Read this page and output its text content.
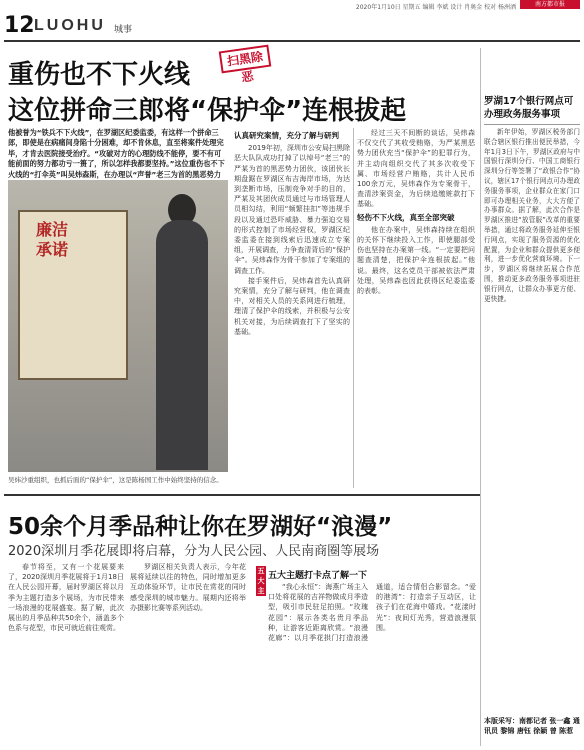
2020年1月10日 星期五 编辑 李斌 设计 肖奥金 校对 杨洲洒	南方都市报
12 LUOHU 城事
重伤也不下火线
扫黑除恶
这位拼命三郎将“保护伞”连根拔起
他被誉为“铁兵不下火线”，在罗湖区纪委监委，有这样一个拼命三郎，即使是在病痛间身陷十分困难，却不肯休息，直至将案件处理完毕，才肯去医院接受治疗。“攻破对方的心理防线不能停，要不有可能前面的努力都功亏一篑了，所以怎样我都要坚持。”这位重伤也不下火线的“打伞英”叫吴炜森斯，在办理以“声誉”老三为首的黑恶势力
廉洁
承诺
吴炜沙重组织，也抓后面的“保护伞”，这是陈杨国工作中始终坚持的信念。
认真研究案情，充分了解与研判

2019年初，深圳市公安局扫黑除恶大队队成功打掉了以绰号“老三”的严某为首的黑恶势力团伙，该团伙长期盘踞在罗湖区布吉海岸市场，为达到垄断市场，压制竞争对手的目的，严某及其团伙成员通过与市场管理人员相勾结，利用“频繁挂扣”等违规手段以及通过恐吓威胁、暴力强迫交易的形式控制了市场经营权，罗湖区纪委监委在接到线索后迅速成立专案组，开展调查，力争查清背后的“保护伞”。吴炜森作为骨干参加了专案组的调查工作。

接手案件后，吴炜森首先认真研究案情，充分了解与研判，他在调查中，对相关人员的关系网进行梳理，理清了保护伞的线索，并积极与公安机关对接，为后续调查打下了坚实的基础。

经过三天不间断的谈话，吴炜森不仅交代了其收受贿赂，为严某黑恶势力团伙充当“保护伞”的犯罪行为，并主动向组织交代了其多次收受下属、市场经营户贿赂，共计人民币100余万元，吴炜森作为专案骨干，查清涉案资金，为后续追缴赃款打下基础。

轻伤不下火线，真至全部突破

他在办案中，吴炜森持续在组织的关怀下继续投入工作，即使腿部受伤也坚持在办案第一线。“一定要把问题查清楚，把保护伞连根拔起。”他说。最终，这名党员干部被依法严肃处理，吴炜森也因此获得区纪委监委的表彰。

罗湖17个银行网点可办理政务服务事项

新年伊始，罗湖区税务部门联合辖区银行推出便民举措，今年1月3日下午，罗湖区政府与中国银行深圳分行、中国工商银行深圳分行等签署了“政银合作”协议，辖区17个银行网点可办理政务服务事项，企业群众在家门口即可办理相关业务，大大方便了办事群众。据了解，此次合作是罗湖区推进“放管服”改革的重要举措，通过将政务服务延伸至银行网点，实现了服务资源的优化配置，为企业和群众提供更多便利，进一步优化营商环境。下一步，罗湖区将继续拓展合作范围，推动更多政务服务事项进驻银行网点，让群众办事更方便、更快捷。

本版采写：南都记者 张一鑫 通讯员 黎锦 唐钰 徐颖 曾 陈惹
50余个月季品种让你在罗湖好“浪漫”
2020深圳月季花展即将启幕，分为人民公园、人民南商圈等展场

春节将至，又有一个花展要来了，2020深圳月季花展将于1月18日在人民公园开幕，届时罗湖区将以月季为主题打造多个展场，为市民带来一场浪漫的花展盛宴。据了解，此次展出的月季品种共50余个，涵盖多个色系与花型，市民可就近前往观赏。

罗湖区相关负责人表示，今年花展将延续以往的特色，同时增加更多互动体验环节，让市民在赏花的同时感受深圳的城市魅力。展期内还将举办摄影比赛等系列活动。

五大主题
五大主题打卡点了解一下

“我心永恒”：海燕广场主入口处将花展的吉祥物做成月季造型，吸引市民驻足拍照。“玫瑰花园”：展示各类名贵月季品种，让游客近距离欣赏。“浪漫花廊”：以月季花拱门打造浪漫通道，适合情侣合影留念。“爱的港湾”：打造亲子互动区，让孩子们在花海中嬉戏。“花漾时光”：夜间灯光秀，营造浪漫氛围。
